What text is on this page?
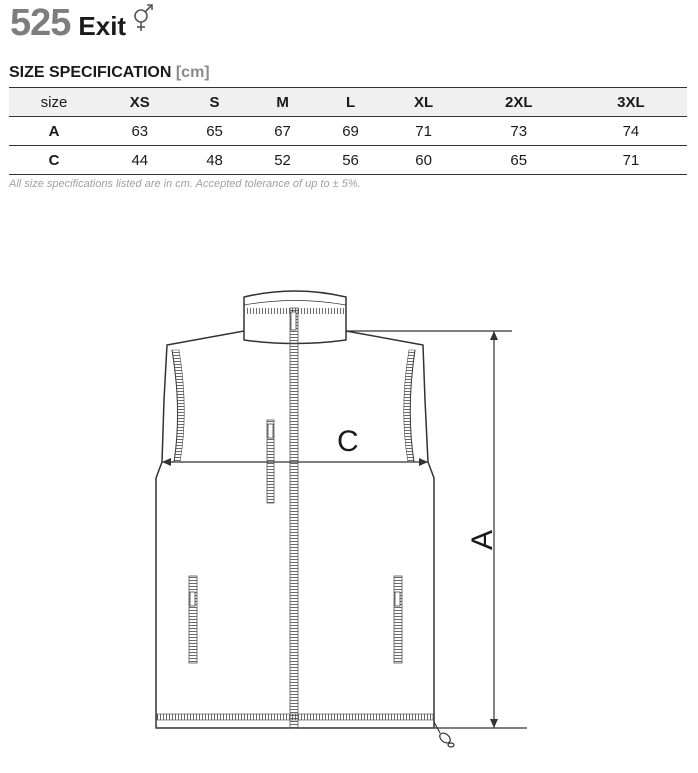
525 Exit
SIZE SPECIFICATION [cm]
size	XS	S	M	L	XL	2XL	3XL
A	63	65	67	69	71	73	74
C	44	48	52	56	60	65	71
All size specifications listed are in cm. Accepted tolerance of up to ± 5%.
C
A
